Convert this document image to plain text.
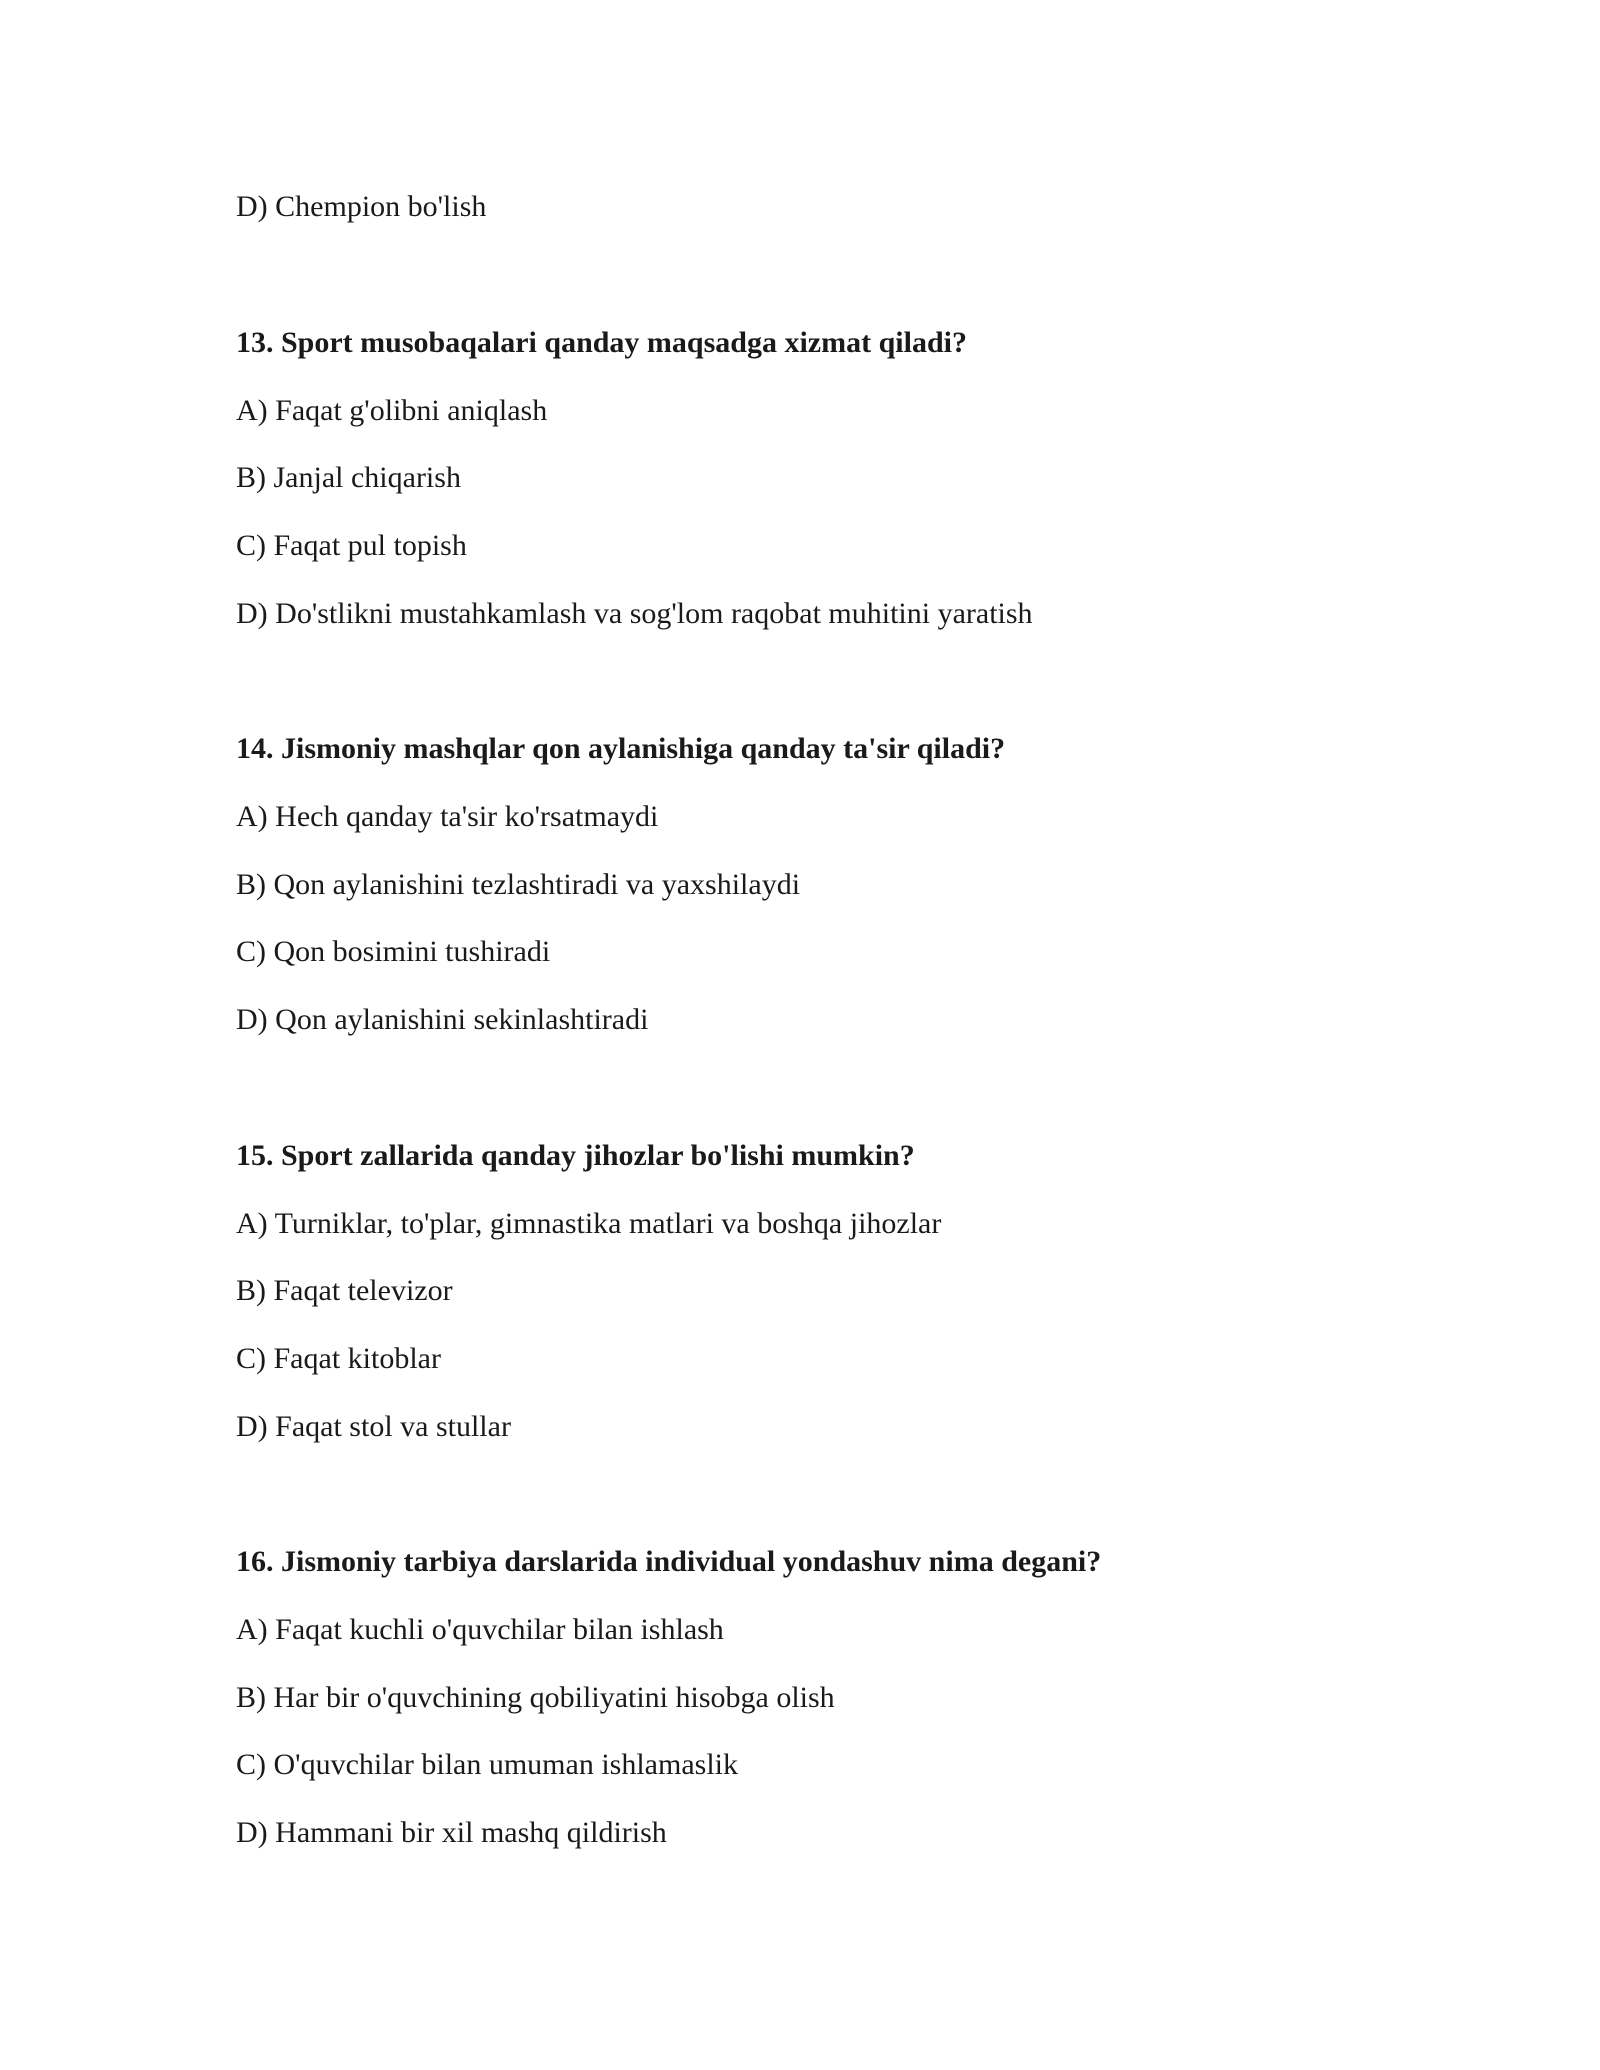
D) Chempion bo'lish
13. Sport musobaqalari qanday maqsadga xizmat qiladi?
A) Faqat g'olibni aniqlash
B) Janjal chiqarish
C) Faqat pul topish
D) Do'stlikni mustahkamlash va sog'lom raqobat muhitini yaratish
14. Jismoniy mashqlar qon aylanishiga qanday ta'sir qiladi?
A) Hech qanday ta'sir ko'rsatmaydi
B) Qon aylanishini tezlashtiradi va yaxshilaydi
C) Qon bosimini tushiradi
D) Qon aylanishini sekinlashtiradi
15. Sport zallarida qanday jihozlar bo'lishi mumkin?
A) Turniklar, to'plar, gimnastika matlari va boshqa jihozlar
B) Faqat televizor
C) Faqat kitoblar
D) Faqat stol va stullar
16. Jismoniy tarbiya darslarida individual yondashuv nima degani?
A) Faqat kuchli o'quvchilar bilan ishlash
B) Har bir o'quvchining qobiliyatini hisobga olish
C) O'quvchilar bilan umuman ishlamaslik
D) Hammani bir xil mashq qildirish
